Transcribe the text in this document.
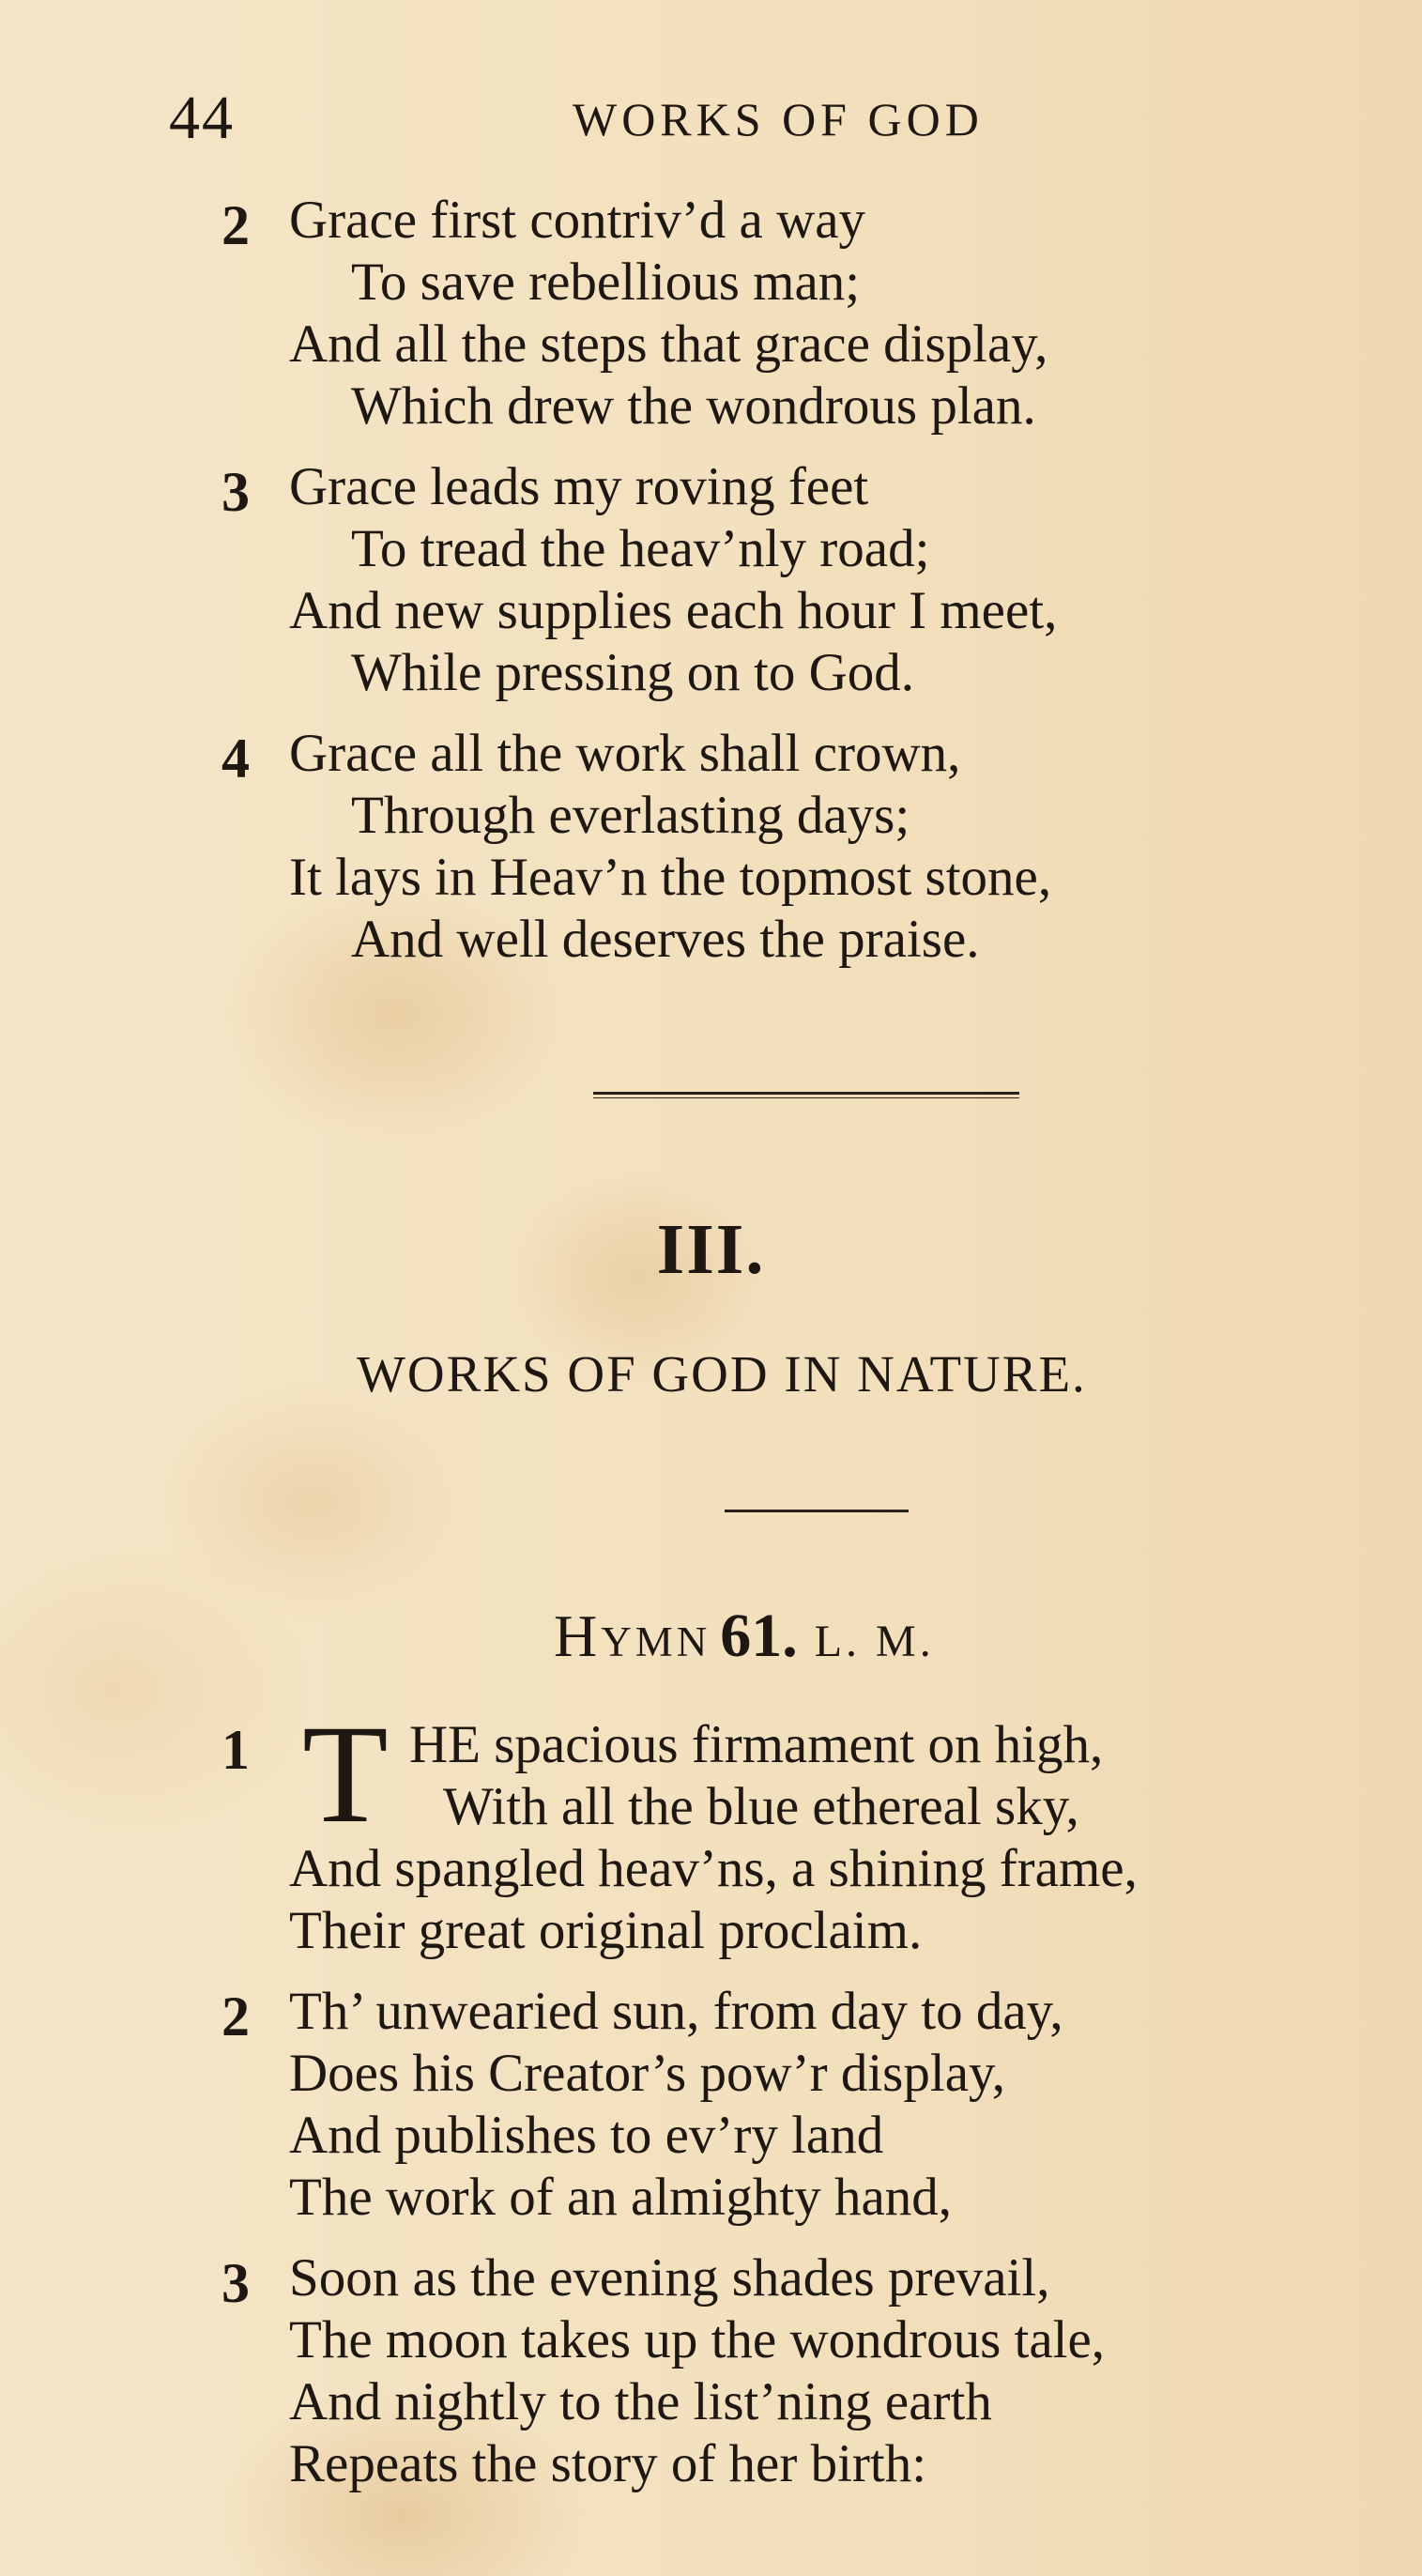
44	WORKS OF GOD
2 Grace first contriv’d a way
To save rebellious man;
And all the steps that grace display,
Which drew the wondrous plan.
3 Grace leads my roving feet
To tread the heav’nly road;
And new supplies each hour I meet,
While pressing on to God.
4 Grace all the work shall crown,
Through everlasting days;
It lays in Heav’n the topmost stone,
And well deserves the praise.
III.
WORKS OF GOD IN NATURE.
Hymn 61. L. M.
T
1	HE spacious firmament on high,
With all the blue ethereal sky,
And spangled heav’ns, a shining frame,
Their great original proclaim.
2 Th’ unwearied sun, from day to day,
Does his Creator’s pow’r display,
And publishes to ev’ry land
The work of an almighty hand,
3 Soon as the evening shades prevail,
The moon takes up the wondrous tale,
And nightly to the list’ning earth
Repeats the story of her birth:
